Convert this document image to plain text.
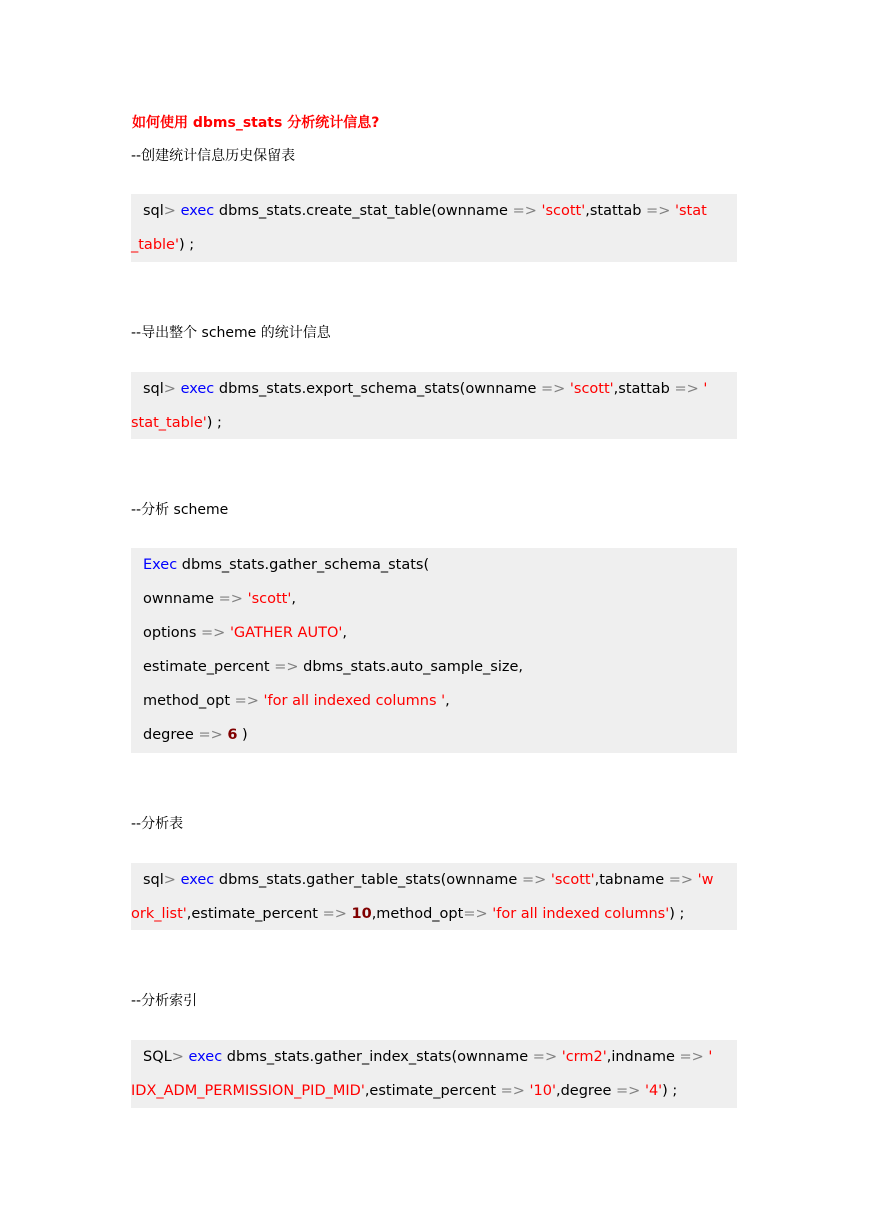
如何使用 dbms_stats 分析统计信息?
--创建统计信息历史保留表
sql> exec dbms_stats.create_stat_table(ownname => 'scott',stattab => 'stat
_table') ;
--导出整个 scheme 的统计信息
sql> exec dbms_stats.export_schema_stats(ownname => 'scott',stattab => '
stat_table') ;
--分析 scheme
Exec dbms_stats.gather_schema_stats(
ownname => 'scott',
options => 'GATHER AUTO',
estimate_percent => dbms_stats.auto_sample_size,
method_opt => 'for all indexed columns ',
degree => 6 )
--分析表
sql> exec dbms_stats.gather_table_stats(ownname => 'scott',tabname => 'w
ork_list',estimate_percent => 10,method_opt=> 'for all indexed columns') ;
--分析索引
SQL> exec dbms_stats.gather_index_stats(ownname => 'crm2',indname => '
IDX_ADM_PERMISSION_PID_MID',estimate_percent => '10',degree => '4') ;
